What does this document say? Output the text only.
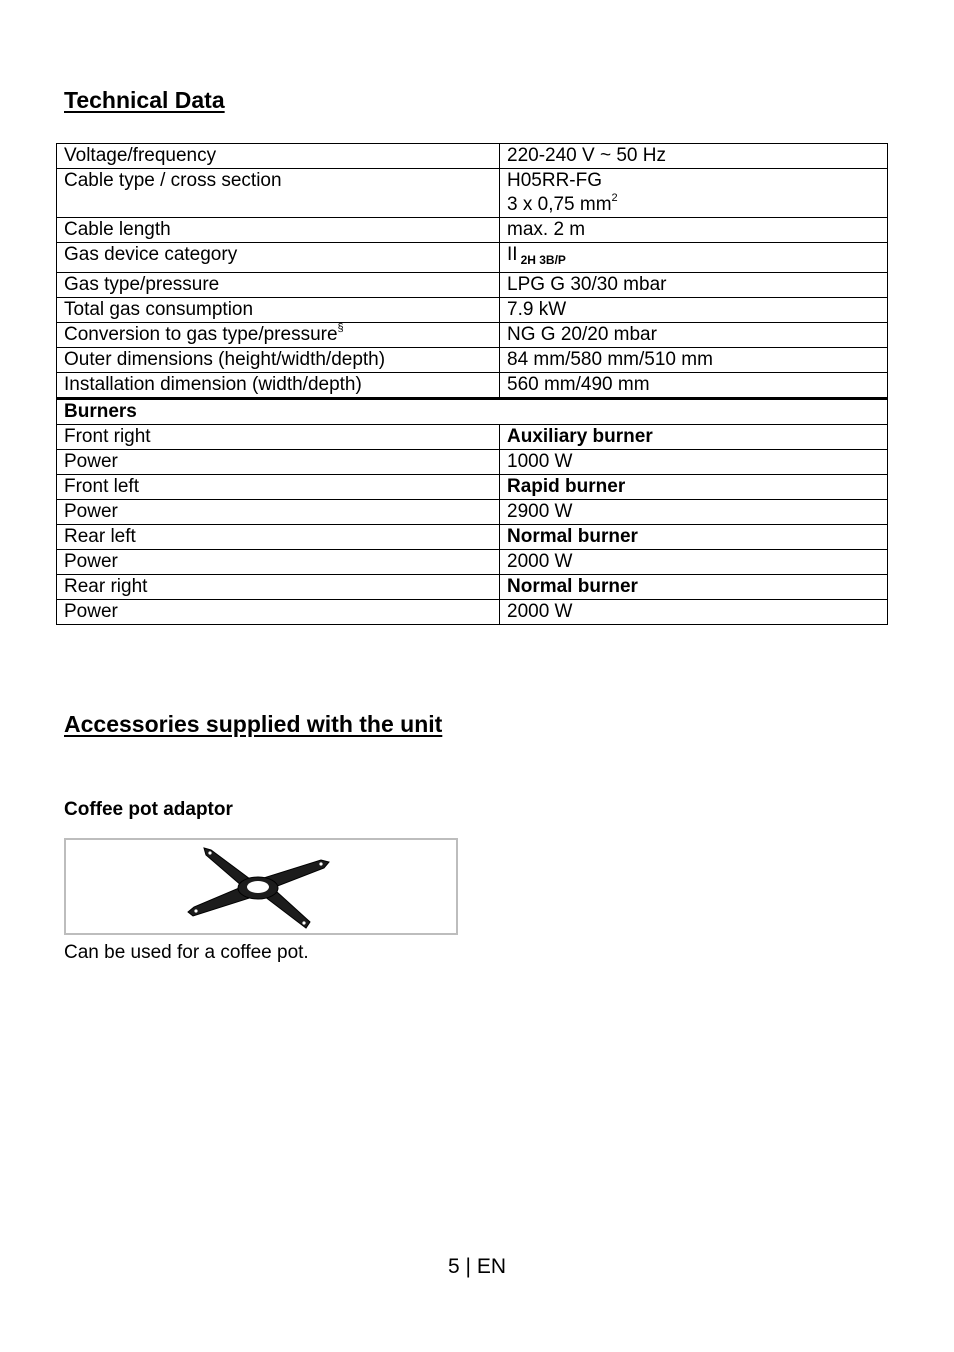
Technical Data
Voltage/frequency	220-240 V ~ 50 Hz
Cable type / cross section	H05RR-FG
3 x 0,75 $mm^2$

Cable length	max. 2 m
Gas device category	II $_{2H 3B/P}$
Gas type/pressure	LPG G 30/30 mbar
Total gas consumption	7.9 kW
Conversion to gas type/pressure§	NG G 20/20 mbar
Outer dimensions (height/width/depth)	84 mm/580 mm/510 mm
Installation dimension (width/depth)	560 mm/490 mm
Burners	
Front right	Auxiliary burner
Power	1000 W
Front left	Rapid burner
Power	2900 W
Rear left	Normal burner
Power	2000 W
Rear right	Normal burner
Power	2000 W
Accessories supplied with the unit
Coffee pot adaptor

Can be used for a coffee pot.

5 | EN
